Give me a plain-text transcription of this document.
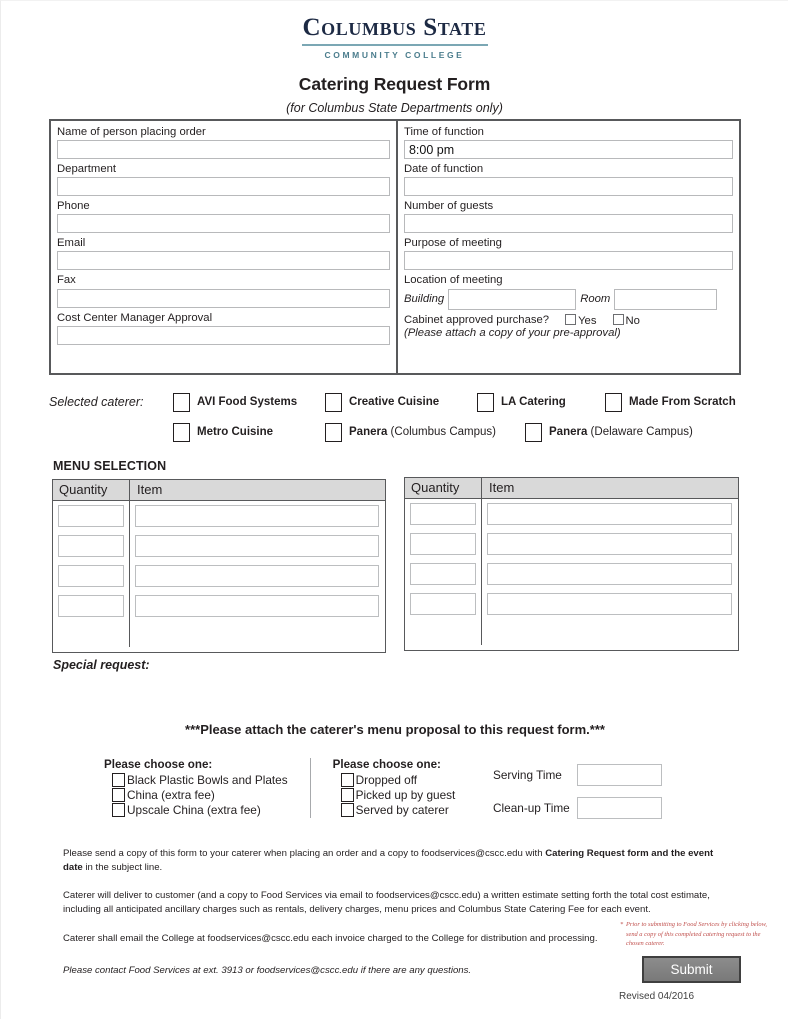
Columbus State
COMMUNITY COLLEGE
Catering Request Form
(for Columbus State Departments only)
Name of person placing order
Department
Phone
Email
Fax
Cost Center Manager Approval
Time of function
8:00 pm
Date of function
Number of guests
Purpose of meeting
Location of meeting
Building	Room
Cabinet approved purchase?	Yes	No
(Please attach a copy of your pre-approval)
Selected caterer:	AVI Food Systems	Creative Cuisine	LA Catering	Made From Scratch
Metro Cuisine	Panera (Columbus Campus)	Panera (Delaware Campus)
MENU SELECTION
Quantity	Item	Quantity	Item
Special request:
***Please attach the caterer's menu proposal to this request form.***
Please choose one:
Black Plastic Bowls and Plates
China (extra fee)
Upscale China (extra fee)
Please choose one:
Dropped off
Picked up by guest
Served by caterer
Serving Time
Clean-up Time
Please send a copy of this form to your caterer when placing an order and a copy to foodservices@cscc.edu with Catering Request form and the event date in the subject line.
Caterer will deliver to customer (and a copy to Food Services via email to foodservices@cscc.edu) a written estimate setting forth the total cost estimate, including all anticipated ancillary charges such as rentals, delivery charges, menu prices and Columbus State Catering Fee for each event.
Caterer shall email the College at foodservices@cscc.edu each invoice charged to the College for distribution and processing.
Please contact Food Services at ext. 3913 or foodservices@cscc.edu if there are any questions.
* Prior to submitting to Food Services by clicking below, send a copy of this completed catering request to the chosen caterer.
Submit
Revised 04/2016
